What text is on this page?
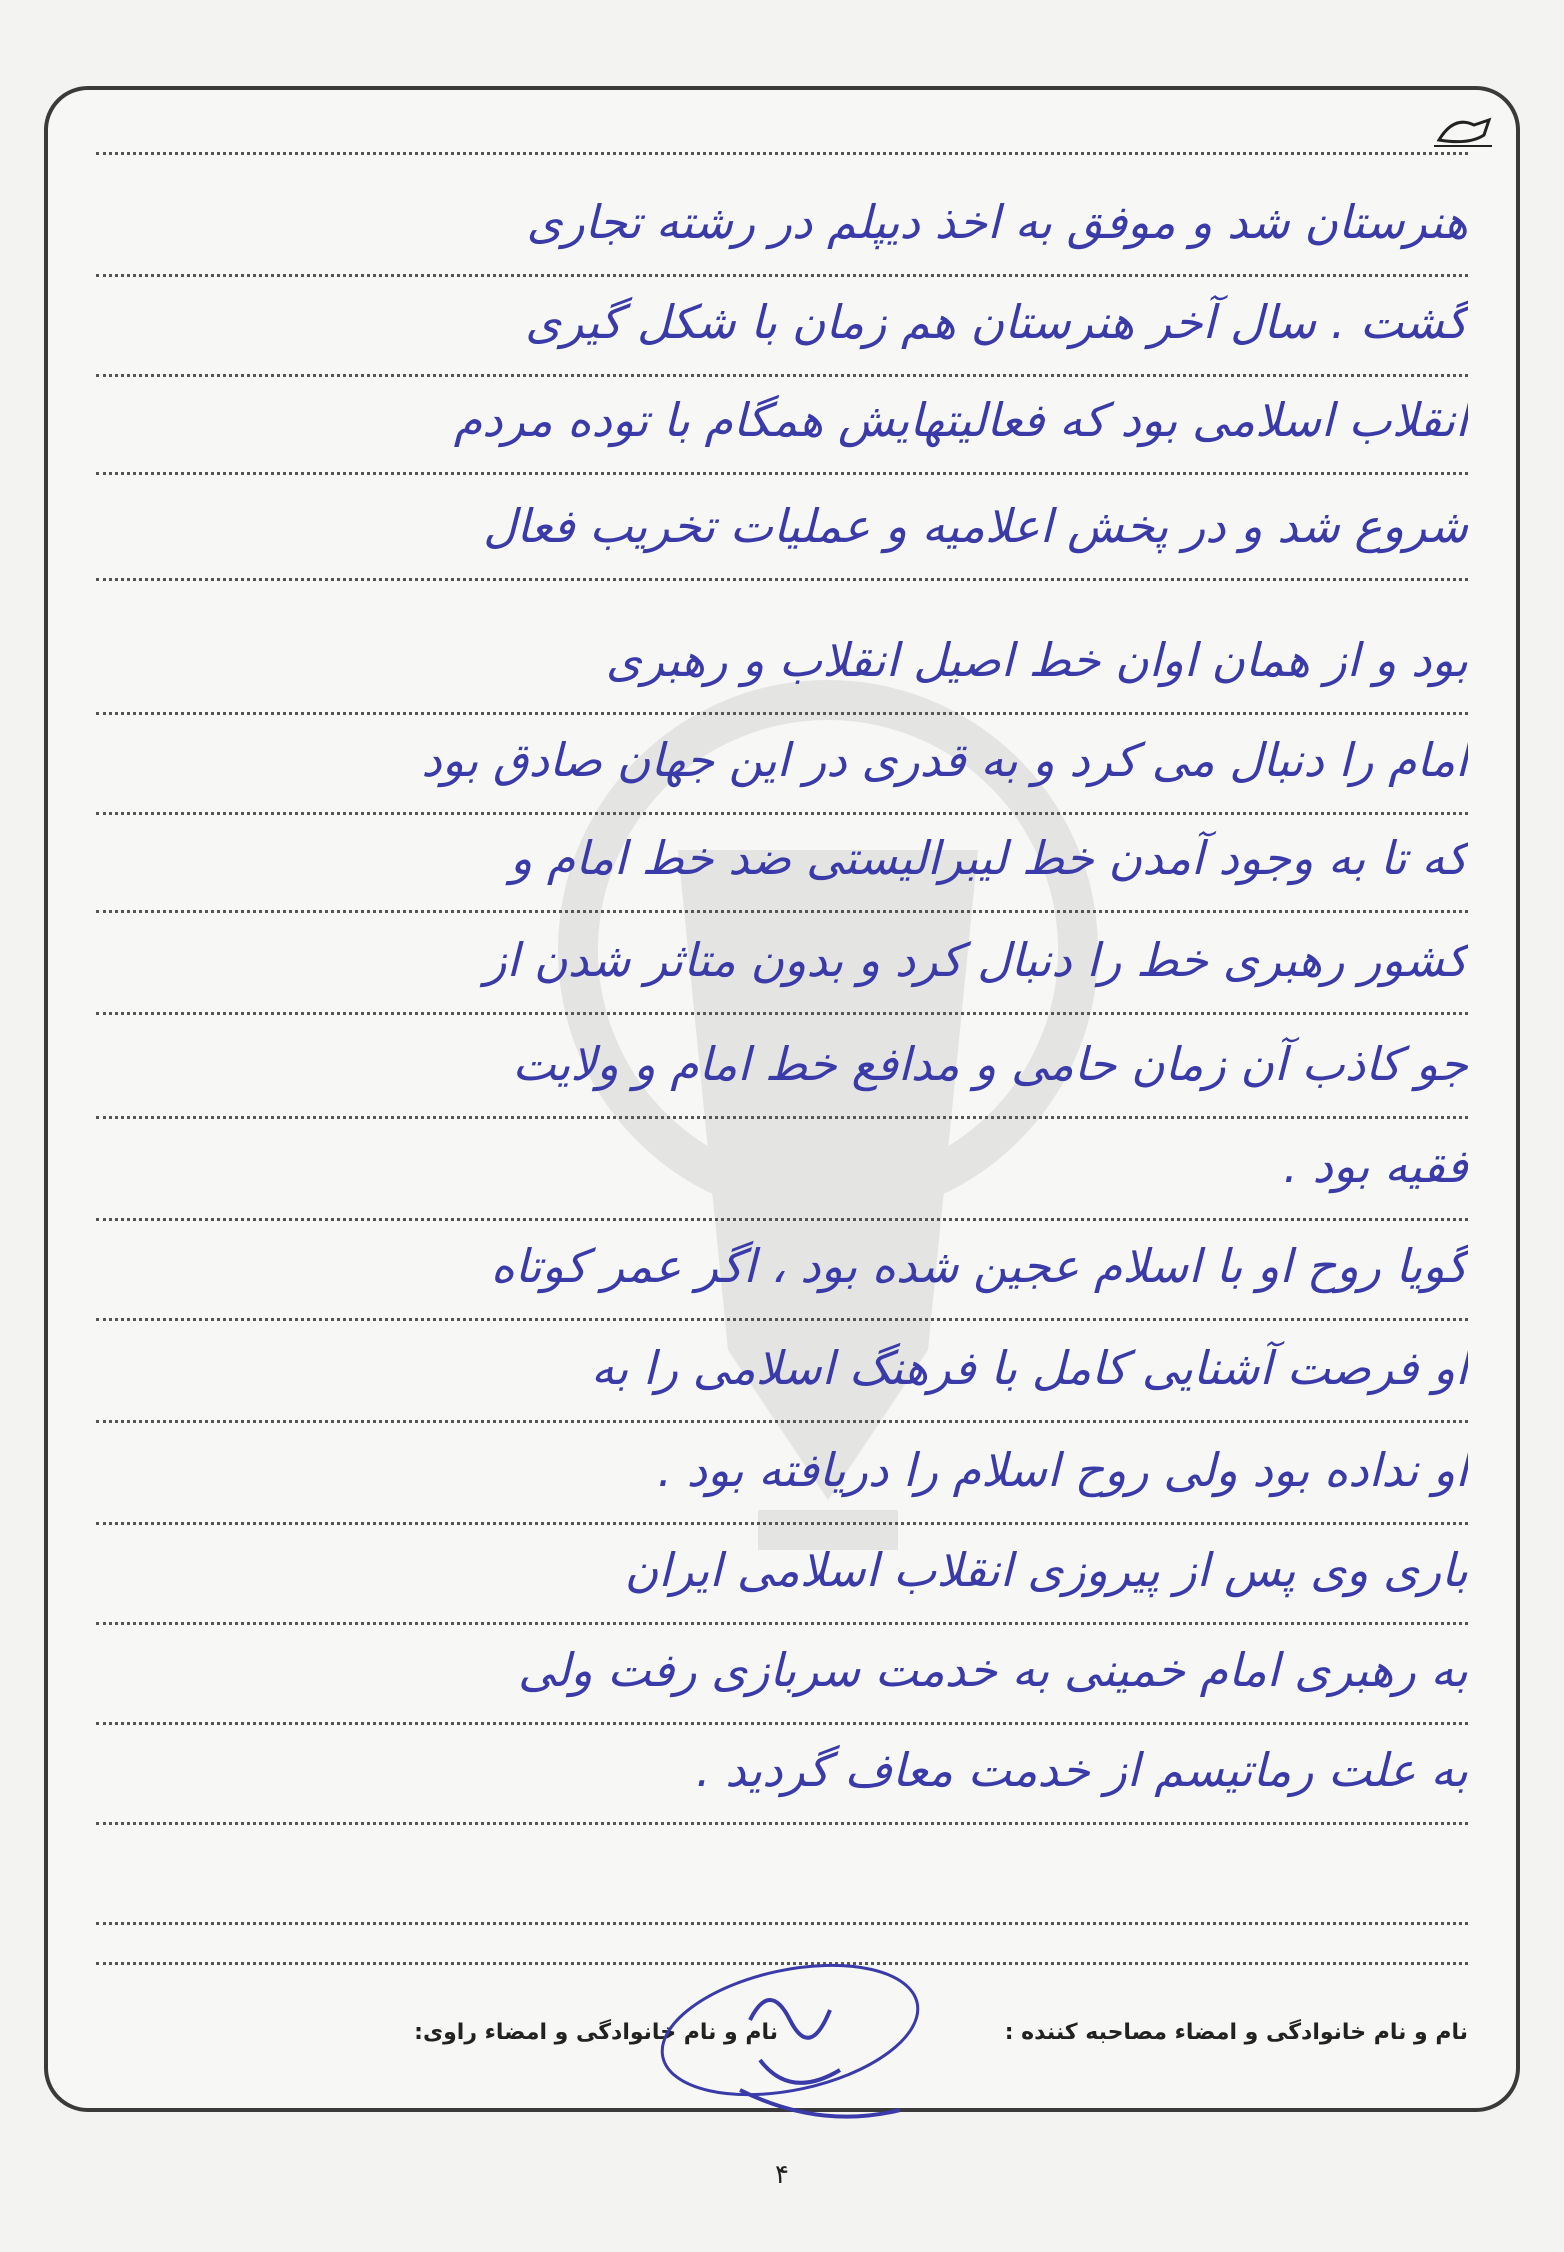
هنرستان شد و موفق به اخذ دیپلم در رشته تجاری
گشت . سال آخر هنرستان هم زمان با شکل گیری
انقلاب اسلامی بود که فعالیتهایش همگام با توده مردم
شروع شد و در پخش اعلامیه و عملیات تخریب فعال
بود و از همان اوان خط اصیل انقلاب و رهبری
امام را دنبال می کرد و به قدری در این جهان صادق بود
که تا به وجود آمدن خط لیبرالیستی ضد خط امام و
کشور رهبری خط را دنبال کرد و بدون متاثر شدن از
جو کاذب آن زمان حامی و مدافع خط امام و ولایت
فقیه بود .
گویا روح او با اسلام عجین شده بود ، اگر عمر کوتاه
او فرصت آشنایی کامل با فرهنگ اسلامی را به
او نداده بود ولی روح اسلام را دریافته بود .
باری وی پس از پیروزی انقلاب اسلامی ایران
به رهبری امام خمینی به خدمت سربازی رفت ولی
به علت رماتیسم از خدمت معاف گردید .
نام و نام خانوادگی و امضاء مصاحبه کننده :
نام و نام خانوادگی و امضاء راوی:
۴
